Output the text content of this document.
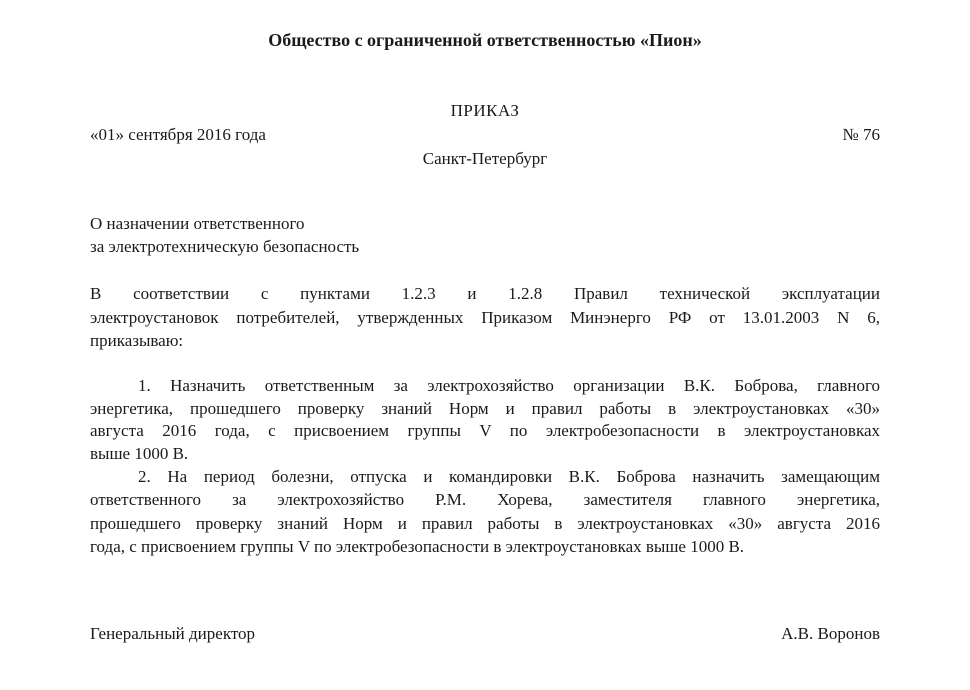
Общество с ограниченной ответственностью «Пион»
ПРИКАЗ
«01» сентября 2016 года	№ 76
Санкт-Петербург
О назначении ответственного
за электротехническую безопасность
В соответствии с пунктами 1.2.3 и 1.2.8 Правил технической эксплуатации
электроустановок потребителей, утвержденных Приказом Минэнерго РФ от 13.01.2003 N 6,
приказываю:
1. Назначить ответственным за электрохозяйство организации В.К. Боброва, главного
энергетика, прошедшего проверку знаний Норм и правил работы в электроустановках «30»
августа 2016 года, с присвоением группы V по электробезопасности в электроустановках
выше 1000 В.
2. На период болезни, отпуска и командировки В.К. Боброва назначить замещающим
ответственного за электрохозяйство Р.М. Хорева, заместителя главного энергетика,
прошедшего проверку знаний Норм и правил работы в электроустановках «30» августа 2016
года, с присвоением группы V по электробезопасности в электроустановках выше 1000 В.
Генеральный директор	А.В. Воронов
